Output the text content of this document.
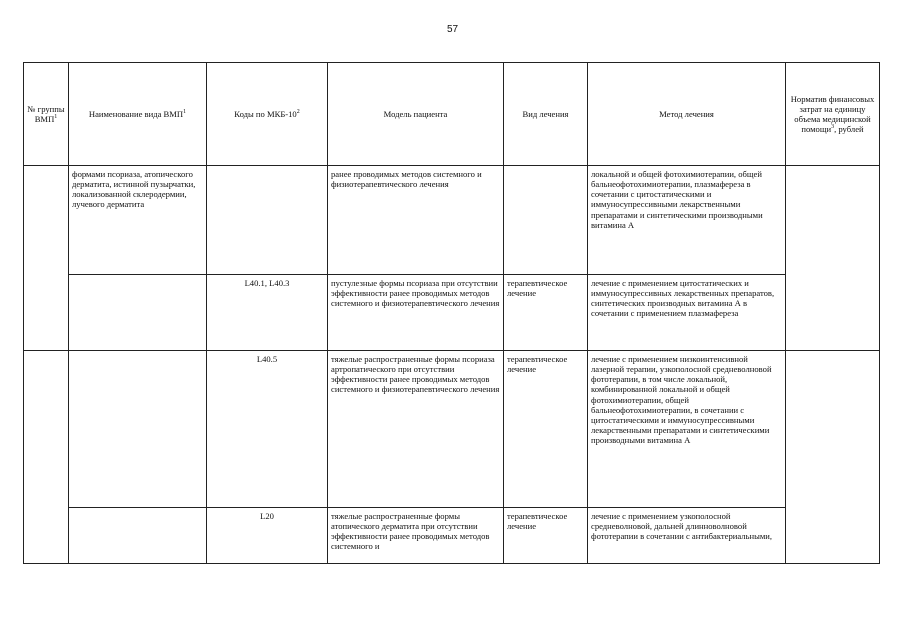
57
№ группы ВМП$^1$	Наименование вида ВМП$^1$	Коды по МКБ-$10^2$	Модель пациента	Вид лечения	Метод лечения	Норматив финансовых затрат на единицу объема медицинской помощи$^3$, рублей
	формами псориаза, атопического дерматита, истинной пузырчатки, локализованной склеродермии, лучевого дерматита		ранее проводимых методов системного и физиотерапевтического лечения		локальной и общей фотохимиотерапии, общей бальнеофотохимиотерапии, плазмафереза в сочетании с цитостатическими и иммуносупрессивными лекарственными препаратами и синтетическими производными витамина А	
		L40.1, L40.3	пустулезные формы псориаза при отсутствии эффективности ранее проводимых методов системного и физиотерапевтического лечения	терапевтическое лечение	лечение с применением цитостатических и иммуносупрессивных лекарственных препаратов, синтетических производных витамина А в сочетании с применением плазмафереза	
		L40.5	тяжелые распространенные формы псориаза артропатического при отсутствии эффективности ранее проводимых методов системного и физиотерапевтического лечения	терапевтическое лечение	лечение с применением низкоинтенсивной лазерной терапии, узкополосной средневолновой фототерапии, в том числе локальной, комбинированной локальной и общей фотохимиотерапии, общей бальнеофотохимиотерапии, в сочетании с цитостатическими и иммуносупрессивными лекарственными препаратами и синтетическими производными витамина А	
		L20	тяжелые распространенные формы атопического дерматита при отсутствии эффективности ранее проводимых методов системного и	терапевтическое лечение	лечение с применением узкополосной средневолновой, дальней длинноволновой фототерапии в сочетании с антибактериальными,	
